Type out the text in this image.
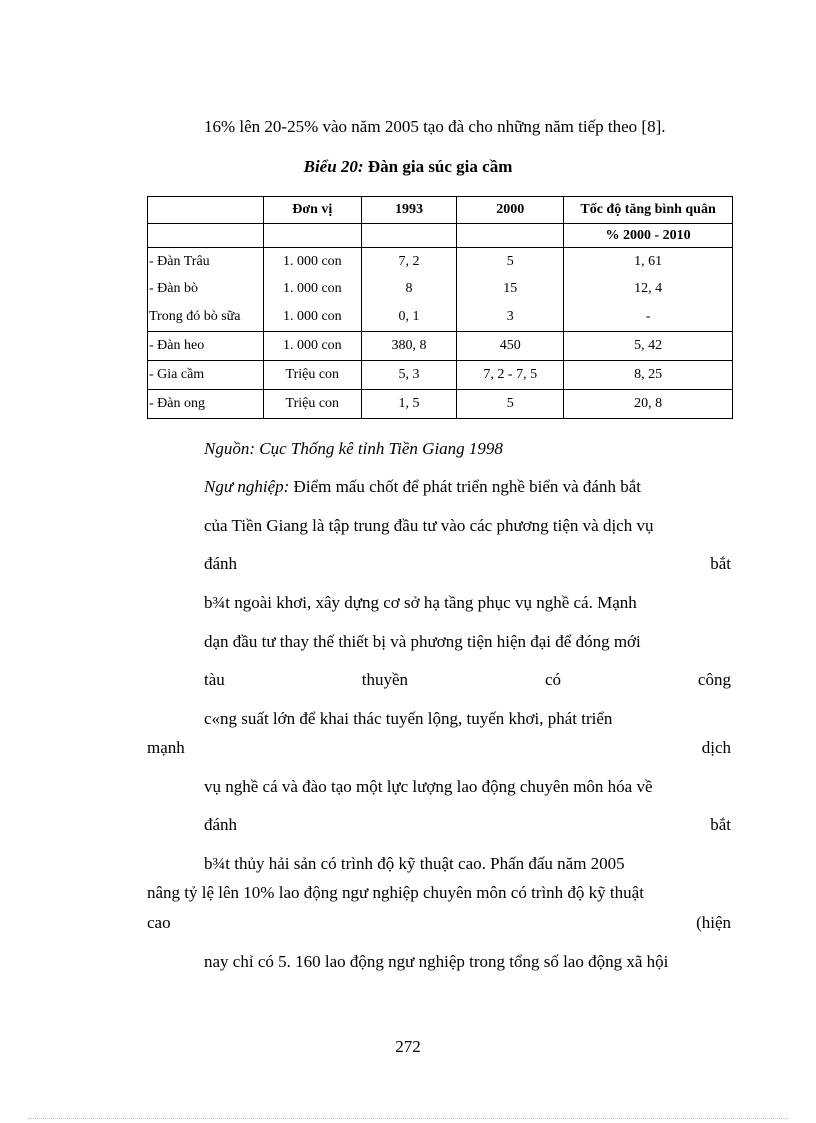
16% lên 20-25% vào năm 2005 tạo đà cho những năm tiếp theo [8].
Biểu 20: Đàn gia súc gia cầm
	Đơn vị	1993	2000	Tốc độ tăng bình quân
				% 2000 - 2010
- Đàn Trâu	1. 000 con	7, 2	5	1, 61
- Đàn bò	1. 000 con	8	15	12, 4
Trong đó bò sữa	1. 000 con	0, 1	3	-
- Đàn heo	1. 000 con	380, 8	450	5, 42
- Gia cầm	Triệu con	5, 3	7, 2 - 7, 5	8, 25
- Đàn ong	Triệu con	1, 5	5	20, 8
Nguồn: Cục Thống kê tỉnh Tiền Giang 1998
Ngư nghiệp: Điểm mấu chốt để phát triển nghề biển và đánh bắt
của Tiền Giang là tập trung đầu tư vào các phương tiện và dịch vụ
đánh	bắt
b¾t ngoài khơi, xây dựng cơ sở hạ tầng phục vụ nghề cá. Mạnh
dạn đầu tư thay thế thiết bị và phương tiện hiện đại để đóng mới
tàu	thuyền	có	công
c«ng suất lớn để khai thác tuyến lộng, tuyến khơi, phát triển
mạnh	dịch
vụ nghề cá và đào tạo một lực lượng lao động chuyên môn hóa về
đánh	bắt
b¾t thủy hải sản có trình độ kỹ thuật cao. Phấn đấu năm 2005
nâng tỷ lệ lên 10% lao động ngư nghiệp chuyên môn có trình độ kỹ thuật
cao	(hiện
nay chỉ có 5. 160 lao động ngư nghiệp trong tổng số lao động xã hội
272
